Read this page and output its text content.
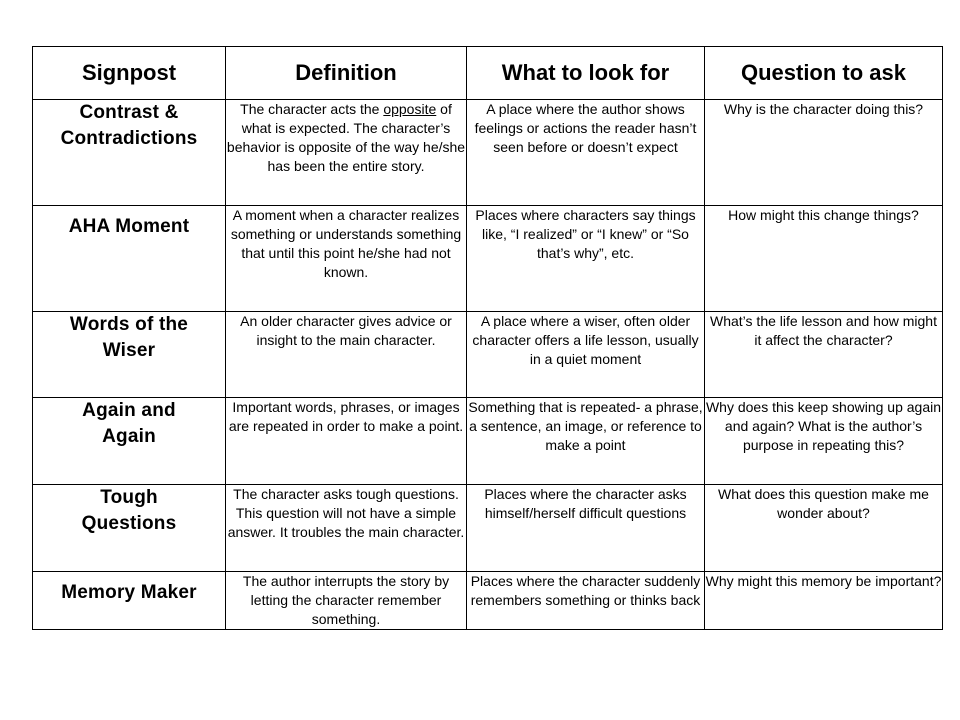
Signpost	Definition	What to look for	Question to ask

Contrast & Contradictions	The character acts the opposite of what is expected. The character’s behavior is opposite of the way he/she has been the entire story.	A place where the author shows feelings or actions the reader hasn’t seen before or doesn’t expect	Why is the character doing this?
AHA Moment	A moment when a character realizes something or understands something that until this point he/she had not known.	Places where characters say things like, “I realized” or “I knew” or “So that’s why”, etc.	How might this change things?

Words of the Wiser	An older character gives advice or insight to the main character.	A place where a wiser, often older character offers a life lesson, usually in a quiet moment	What’s the life lesson and how might it affect the character?

Again and Again	Important words, phrases, or images are repeated in order to make a point.	Something that is repeated- a phrase, a sentence, an image, or reference to make a point	Why does this keep showing up again and again? What is the author’s purpose in repeating this?

Tough Questions	The character asks tough questions. This question will not have a simple answer. It troubles the main character.	Places where the character asks himself/herself difficult questions	What does this question make me wonder about?
Memory Maker	The author interrupts the story by letting the character remember something.	Places where the character suddenly remembers something or thinks back	Why might this memory be important?
